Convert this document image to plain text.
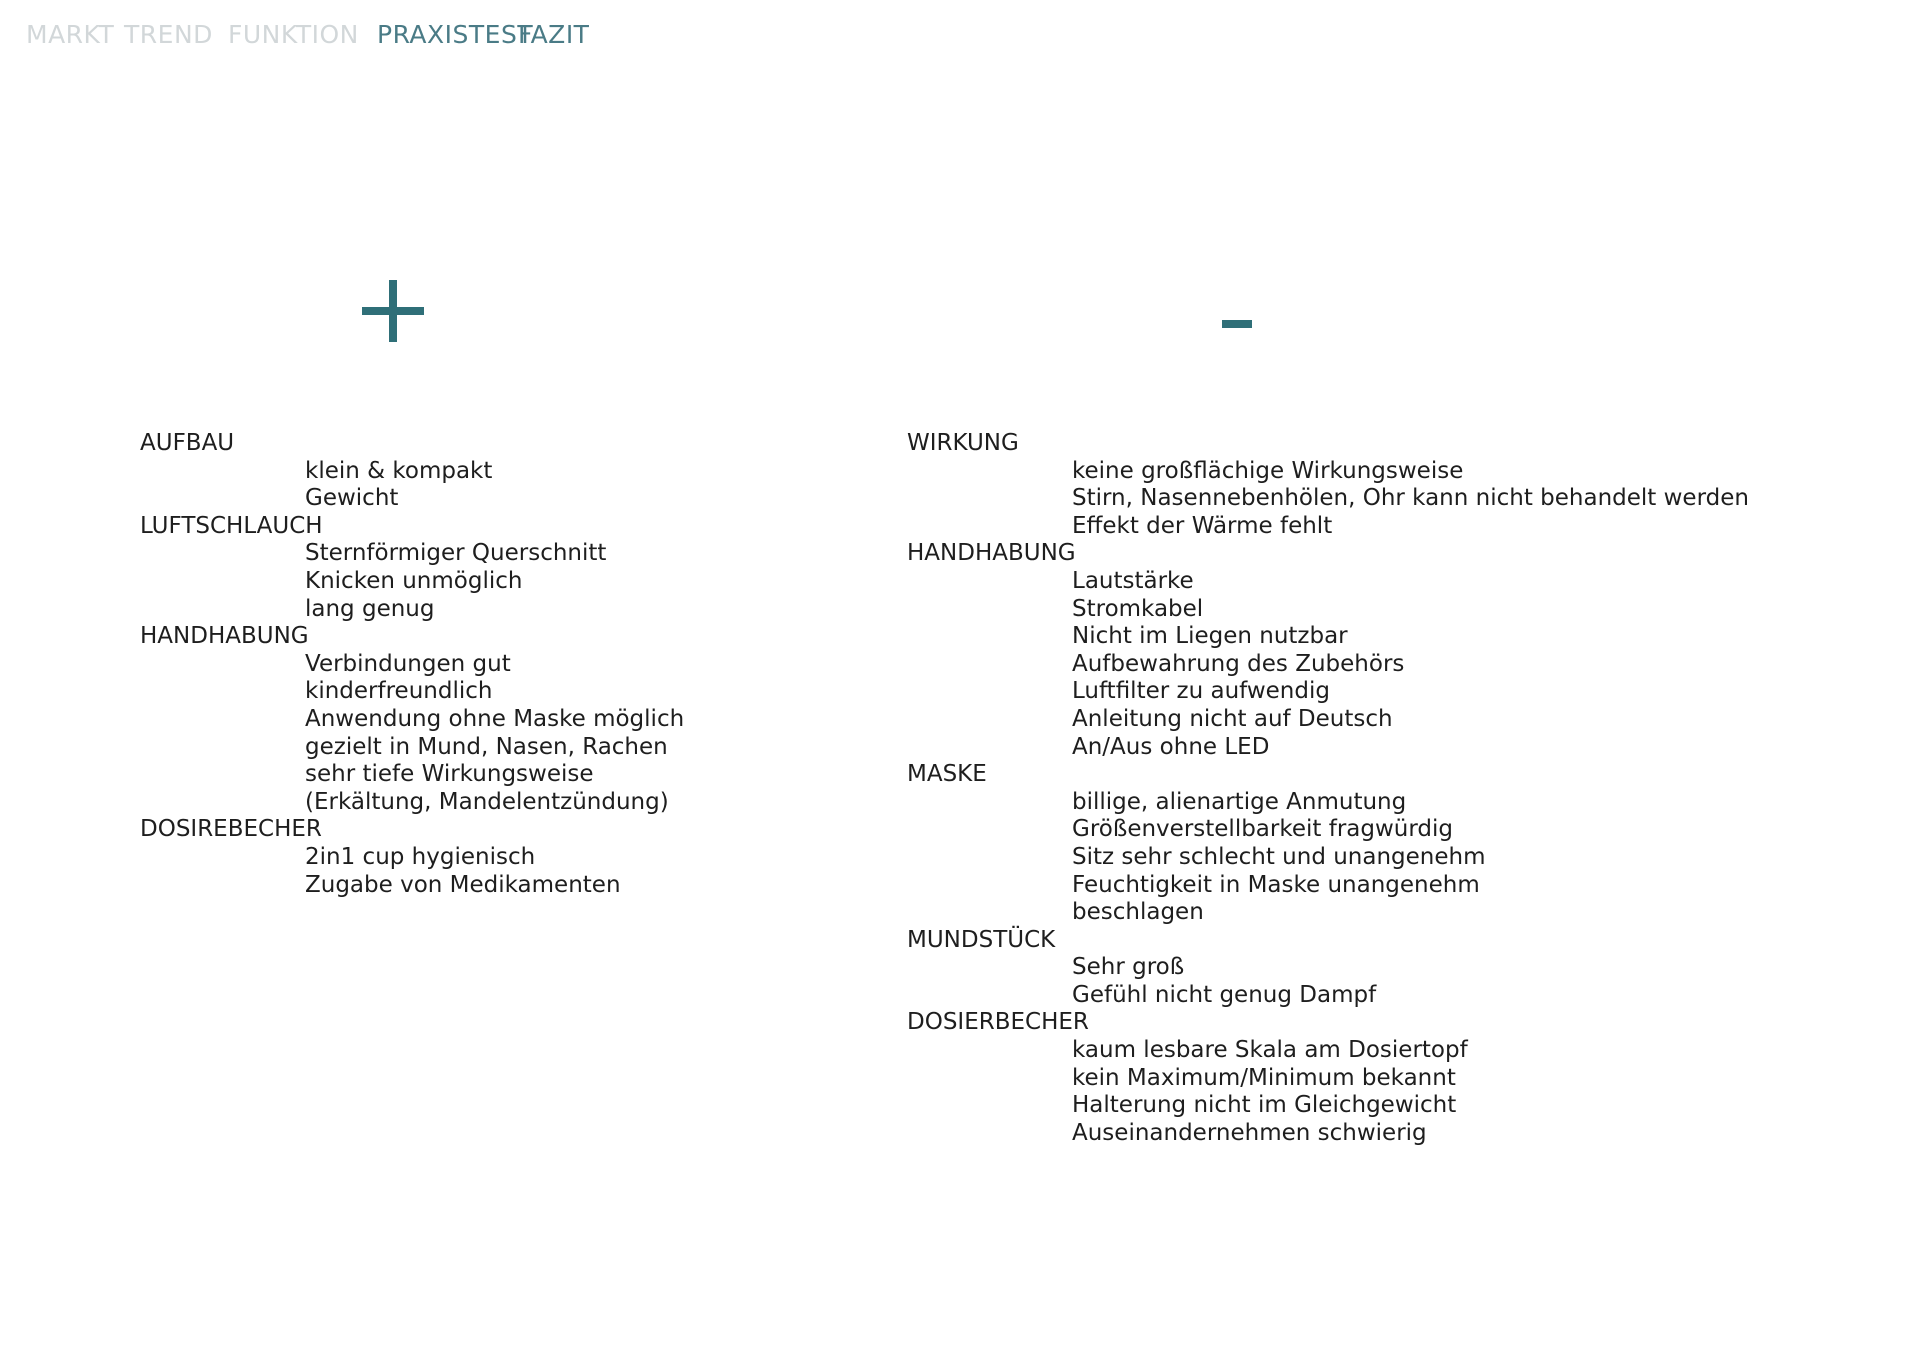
MARKT TREND FUNKTION PRAXISTEST
FAZIT
AUFBAU
klein & kompakt
Gewicht
LUFTSCHLAUCH
Sternförmiger Querschnitt
Knicken unmöglich
lang genug
HANDHABUNG
Verbindungen gut
kinderfreundlich
Anwendung ohne Maske möglich
gezielt in Mund, Nasen, Rachen
sehr tiefe Wirkungsweise
(Erkältung, Mandelentzündung)
DOSIREBECHER
2in1 cup hygienisch
Zugabe von Medikamenten
WIRKUNG
keine großflächige Wirkungsweise
Stirn, Nasennebenhölen, Ohr kann nicht behandelt werden
Effekt der Wärme fehlt
HANDHABUNG
Lautstärke
Stromkabel
Nicht im Liegen nutzbar
Aufbewahrung des Zubehörs
Luftfilter zu aufwendig
Anleitung nicht auf Deutsch
An/Aus ohne LED
MASKE
billige, alienartige Anmutung
Größenverstellbarkeit fragwürdig
Sitz sehr schlecht und unangenehm
Feuchtigkeit in Maske unangenehm
beschlagen
MUNDSTÜCK
Sehr groß
Gefühl nicht genug Dampf
DOSIERBECHER
kaum lesbare Skala am Dosiertopf
kein Maximum/Minimum bekannt
Halterung nicht im Gleichgewicht
Auseinandernehmen schwierig
